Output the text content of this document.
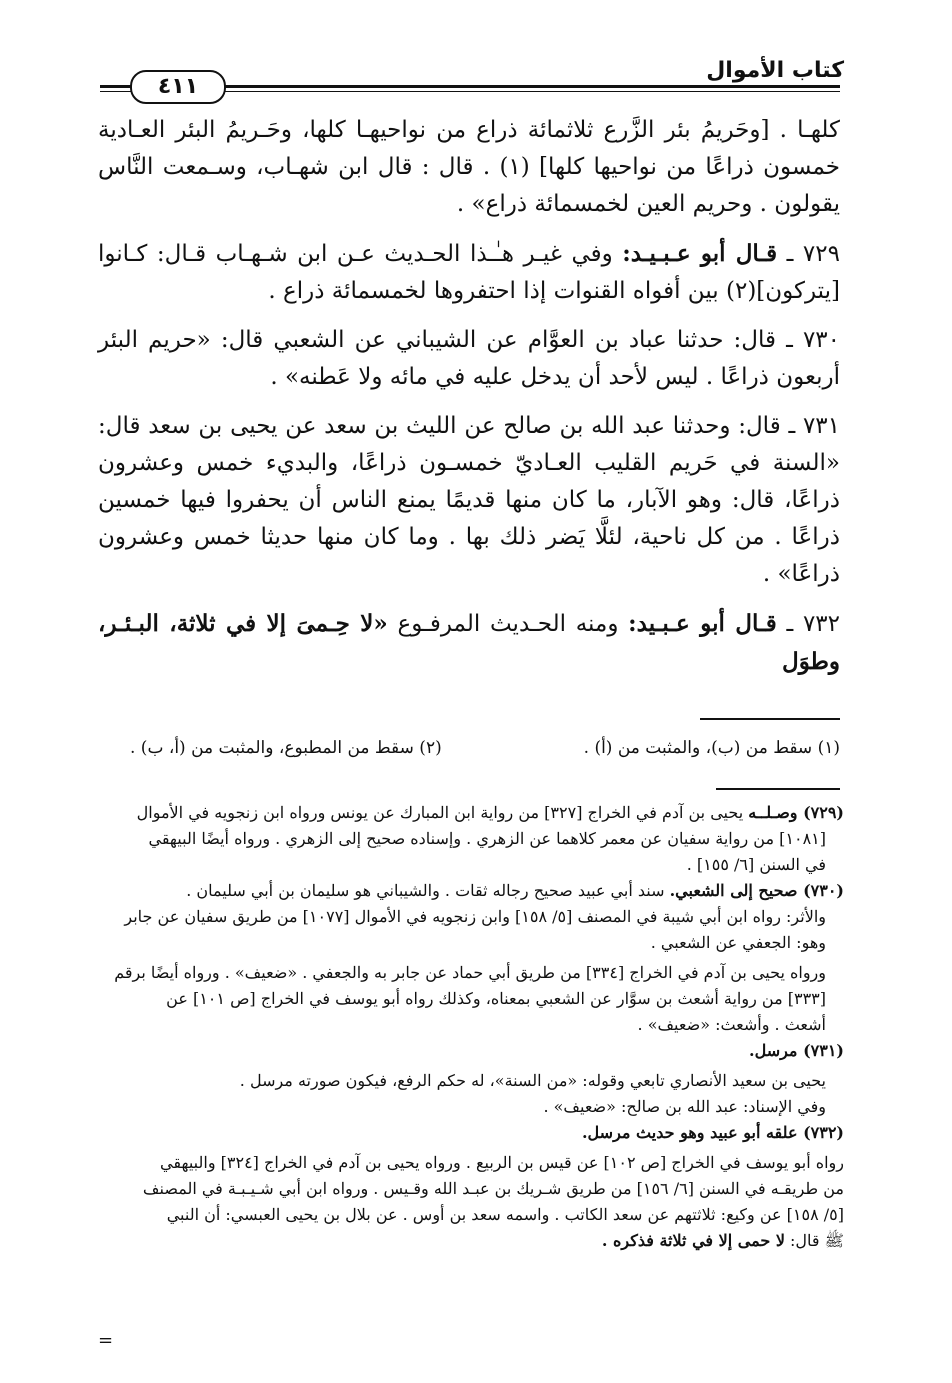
كتاب الأموال
٤١١

كلهـا . [وحَريمُ بئر الزَّرع ثلاثمائة ذراع من نواحيهـا كلها، وحَـريمُ البئر العـادية خمسون ذراعًا من نواحيها كلها] (١) . قال : قال ابن شهـاب، وسـمعت النَّاس يقولون . وحريم العين لخمسمائة ذراع» .

٧٢٩ ـ قـال أبو عـبـيـد: وفي غيـر هـٰـذا الحـديث عـن ابن شـهـاب قـال: كـانوا [يتركون](٢) بين أفواه القنوات إذا احتفروها لخمسمائة ذراع .

٧٣٠ ـ قال: حدثنا عباد بن العوَّام عن الشيباني عن الشعبي قال: «حريم البئر أربعون ذراعًا . ليس لأحد أن يدخل عليه في مائه ولا عَطنه» .

٧٣١ ـ قال: وحدثنا عبد الله بن صالح عن الليث بن سعد عن يحيى بن سعد قال: «السنة في حَريم القليب العـاديّ خمسـون ذراعًا، والبديء خمس وعشرون ذراعًا، قال: وهو الآبار، ما كان منها قديمًا يمنع الناس أن يحفروا فيها خمسين ذراعًا . من كل ناحية، لئلَّا يَضر ذلك بها . وما كان منها حديثا خمس وعشرون ذراعًا» .

٧٣٢ ـ قـال أبو عـبـيد: ومنه الحـديث المرفـوع «لا حِـمىَ إلا في ثلاثة، البـئـر، وطوَل

(١) سقط من (ب)، والمثبت من (أ) .
(٢) سقط من المطبوع، والمثبت من (أ، ب) .

(٧٢٩) وصـلــه يحيى بن آدم في الخراج [٣٢٧] من رواية ابن المبارك عن يونس ورواه ابن زنجويه في الأموال

[١٠٨١] من رواية سفيان عن معمر كلاهما عن الزهري . وإسناده صحيح إلى الزهري . ورواه أيضًا البيهقي

في السنن [٦/ ١٥٥] .

(٧٣٠) صحيح إلى الشعبي. سند أبي عبيد صحيح رجاله ثقات . والشيباني هو سليمان بن أبي سليمان .

والأثر: رواه ابن أبي شيبة في المصنف [٥/ ١٥٨] وابن زنجويه في الأموال [١٠٧٧] من طريق سفيان عن جابر

وهو: الجعفي عن الشعبي .

ورواه يحيى بن آدم في الخراج [٣٣٤] من طريق أبي حماد عن جابر به والجعفي . «ضعيف» . ورواه أيضًا برقم

[٣٣٣] من رواية أشعث بن سوَّار عن الشعبي بمعناه، وكذلك رواه أبو يوسف في الخراج [ص ١٠١] عن

أشعث . وأشعث: «ضعيف» .

(٧٣١) مرسل.

يحيى بن سعيد الأنصاري تابعي وقوله: «من السنة»، له حكم الرفع، فيكون صورته مرسل .

وفي الإسناد: عبد الله بن صالح: «ضعيف» .

(٧٣٢) علقه أبو عبيد وهو حديث مرسل.

رواه أبو يوسف في الخراج [ص ١٠٢] عن قيس بن الربيع . ورواه يحيى بن آدم في الخراج [٣٢٤] والبيهقي

من طريقـه في السنن [٦/ ١٥٦] من طريق شـريك بن عبـد الله وقـيس . ورواه ابن أبي شـيـبـة في المصنف

[٥/ ١٥٨] عن وكيع: ثلاثتهم عن سعد الكاتب . واسمه سعد بن أوس . عن بلال بن يحيى العبسي: أن النبي

ﷺ قال: لا حمى إلا في ثلاثة فذكره .

=
